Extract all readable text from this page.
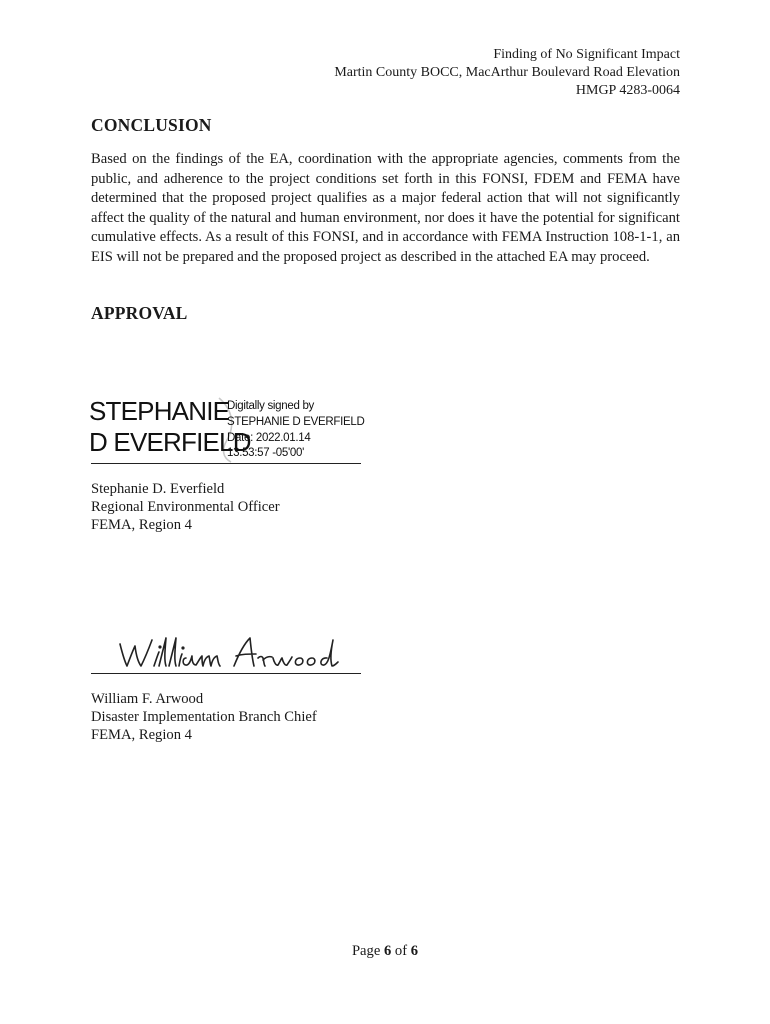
Finding of No Significant Impact
Martin County BOCC, MacArthur Boulevard Road Elevation
HMGP 4283-0064
CONCLUSION

Based on the findings of the EA, coordination with the appropriate agencies, comments from the public, and adherence to the project conditions set forth in this FONSI, FDEM and FEMA have determined that the proposed project qualifies as a major federal action that will not significantly affect the quality of the natural and human environment, nor does it have the potential for significant cumulative effects. As a result of this FONSI, and in accordance with FEMA Instruction 108-1-1, an EIS will not be prepared and the proposed project as described in the attached EA may proceed.

APPROVAL
STEPHANIE
D EVERFIELD
Digitally signed by
STEPHANIE D EVERFIELD
Date: 2022.01.14
13:53:57 -05'00'
Stephanie D. Everfield
Regional Environmental Officer
FEMA, Region 4
William F. Arwood
Disaster Implementation Branch Chief
FEMA, Region 4
Page 6 of 6
